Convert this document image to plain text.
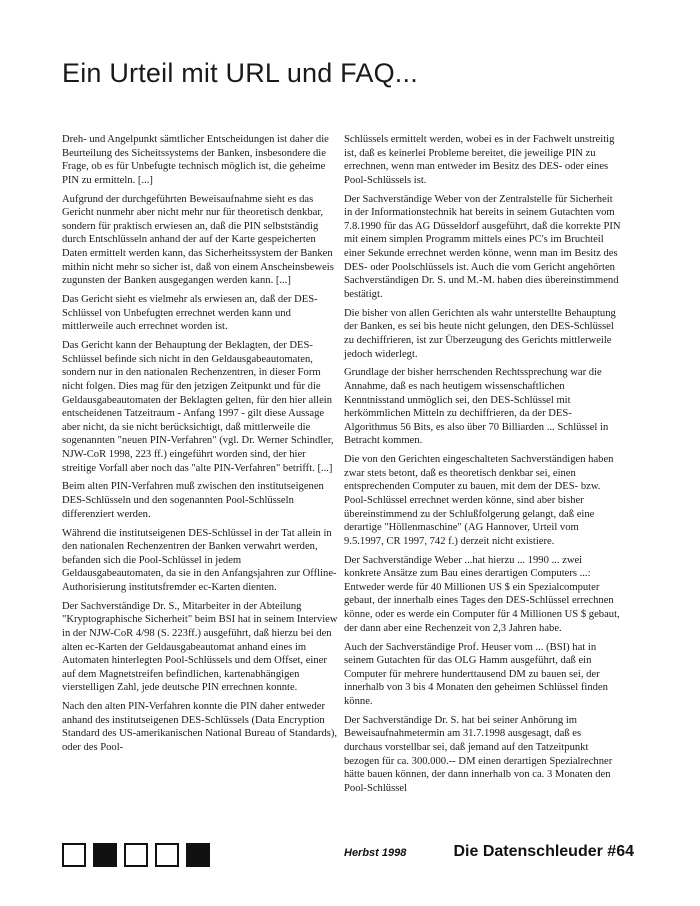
Ein Urteil mit URL und FAQ...

Dreh- und Angelpunkt sämtlicher Entscheidungen ist daher die Beurteilung des Sicheitssystems der Banken, insbesondere die Frage, ob es für Unbefugte technisch möglich ist, die geheime PIN zu ermitteln. [...]

Aufgrund der durchgeführten Beweisaufnahme sieht es das Gericht nunmehr aber nicht mehr nur für theoretisch denkbar, sondern für praktisch erwiesen an, daß die PIN selbstständig durch Entschlüsseln anhand der auf der Karte gespeicherten Daten ermittelt werden kann, das Sicherheitssystem der Banken mithin nicht mehr so sicher ist, daß von einem Anscheinsbeweis zugunsten der Banken ausgegangen werden kann. [...]

Das Gericht sieht es vielmehr als erwiesen an, daß der DES-Schlüssel von Unbefugten errechnet werden kann und mittlerweile auch errechnet worden ist.

Das Gericht kann der Behauptung der Beklagten, der DES-Schlüssel befinde sich nicht in den Geldausgabeautomaten, sondern nur in den nationalen Rechenzentren, in dieser Form nicht folgen. Dies mag für den jetzigen Zeitpunkt und für die Geldausgabeautomaten der Beklagten gelten, für den hier allein entscheidenen Tatzeitraum - Anfang 1997 - gilt diese Aussage aber nicht, da sie nicht berücksichtigt, daß mittlerweile die sogenannten "neuen PIN-Verfahren" (vgl. Dr. Werner Schindler, NJW-CoR 1998, 223 ff.) eingeführt worden sind, der hier streitige Vorfall aber noch das "alte PIN-Verfahren" betrifft. [...]

Beim alten PIN-Verfahren muß zwischen den institutseigenen DES-Schlüsseln und den sogenannten Pool-Schlüsseln differenziert werden.

Während die institutseigenen DES-Schlüssel in der Tat allein in den nationalen Rechenzentren der Banken verwahrt werden, befanden sich die Pool-Schlüssel in jedem Geldausgabeautomaten, da sie in den Anfangsjahren zur Offline-Authorisierung institutsfremder ec-Karten dienten.

Der Sachverständige Dr. S., Mitarbeiter in der Abteilung "Kryptographische Sicherheit" beim BSI hat in seinem Interview in der NJW-CoR 4/98 (S. 223ff.) ausgeführt, daß hierzu bei den alten ec-Karten der Geldausgabeautomat anhand eines im Automaten hinterlegten Pool-Schlüssels und dem Offset, einer auf dem Magnetstreifen befindlichen, kartenabhängigen vierstelligen Zahl, jede deutsche PIN errechnen konnte.

Nach den alten PIN-Verfahren konnte die PIN daher entweder anhand des institutseigenen DES-Schlüssels (Data Encryption Standard des US-amerikanischen National Bureau of Standards), oder des Pool-

Schlüssels ermittelt werden, wobei es in der Fachwelt unstreitig ist, daß es keinerlei Probleme bereitet, die jeweilige PIN zu errechnen, wenn man entweder im Besitz des DES- oder eines Pool-Schlüssels ist.

Der Sachverständige Weber von der Zentralstelle für Sicherheit in der Informationstechnik hat bereits in seinem Gutachten vom 7.8.1990 für das AG Düsseldorf ausgeführt, daß die korrekte PIN mit einem simplen Programm mittels eines PC's im Bruchteil einer Sekunde errechnet werden könne, wenn man im Besitz des DES- oder Poolschlüssels ist. Auch die vom Gericht angehörten Sachverständigen Dr. S. und M.-M. haben dies übereinstimmend bestätigt.

Die bisher von allen Gerichten als wahr unterstellte Behauptung der Banken, es sei bis heute nicht gelungen, den DES-Schlüssel zu dechiffrieren, ist zur Überzeugung des Gerichts mittlerweile jedoch widerlegt.

Grundlage der bisher herrschenden Rechtssprechung war die Annahme, daß es nach heutigem wissenschaftlichen Kenntnisstand unmöglich sei, den DES-Schlüssel mit herkömmlichen Mitteln zu dechiffrieren, da der DES-Algorithmus 56 Bits, es also über 70 Billiarden ... Schlüssel in Betracht kommen.

Die von den Gerichten eingeschalteten Sachverständigen haben zwar stets betont, daß es theoretisch denkbar sei, einen entsprechenden Computer zu bauen, mit dem der DES- bzw. Pool-Schlüssel errechnet werden könne, sind aber bisher übereinstimmend zu der Schlußfolgerung gelangt, daß eine derartige "Höllenmaschine" (AG Hannover, Urteil vom 9.5.1997, CR 1997, 742 f.) derzeit nicht existiere.

Der Sachverständige Weber ...hat hierzu ... 1990 ... zwei konkrete Ansätze zum Bau eines derartigen Computers ...: Entweder werde für 40 Millionen US $ ein Spezialcomputer gebaut, der innerhalb eines Tages den DES-Schlüssel errechnen könne, oder es werde ein Computer für 4 Millionen US $ gebaut, der dann aber eine Rechenzeit von 2,3 Jahren habe.

Auch der Sachverständige Prof. Heuser vom ... (BSI) hat in seinem Gutachten für das OLG Hamm ausgeführt, daß ein Computer für mehrere hunderttausend DM zu bauen sei, der innerhalb von 3 bis 4 Monaten den geheimen Schlüssel finden könne.

Der Sachverständige Dr. S. hat bei seiner Anhörung im Beweisaufnahmetermin am 31.7.1998 ausgesagt, daß es durchaus vorstellbar sei, daß jemand auf den Tatzeitpunkt bezogen für ca. 300.000.-- DM einen derartigen Spezialrechner hätte bauen können, der dann innerhalb von ca. 3 Monaten den Pool-Schlüssel

Herbst 1998	Die Datenschleuder #64
